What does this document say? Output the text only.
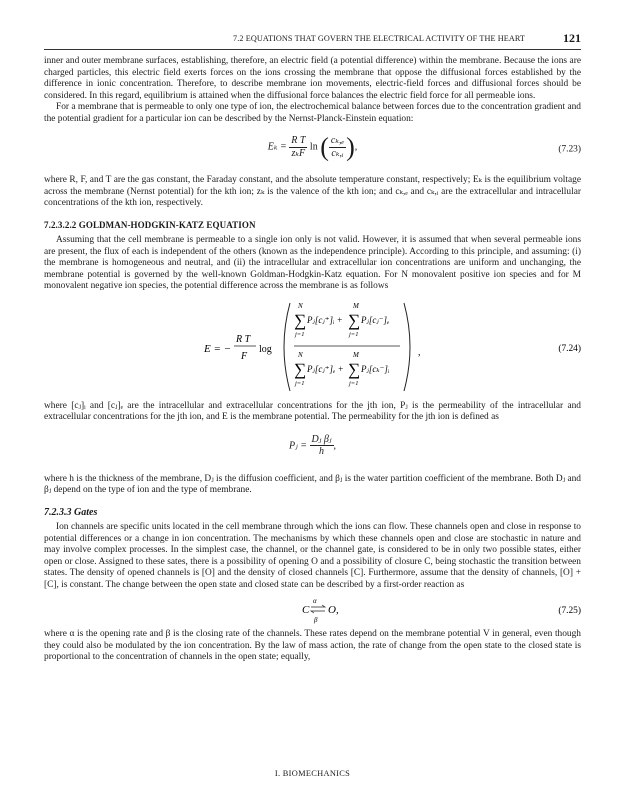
7.2 EQUATIONS THAT GOVERN THE ELECTRICAL ACTIVITY OF THE HEART	121

inner and outer membrane surfaces, establishing, therefore, an electric field (a potential difference) within the membrane. Because the ions are charged particles, this electric field exerts forces on the ions crossing the membrane that oppose the diffusional forces established by the difference in ionic concentration. Therefore, to describe membrane ion movements, electric-field forces and diffusional forces should be considered. In this regard, equilibrium is attained when the diffusional force balances the electric field force for all permeable ions.

For a membrane that is permeable to only one type of ion, the electrochemical balance between forces due to the concentration gradient and the potential gradient for a particular ion can be described by the Nernst-Planck-Einstein equation:

$E_k = \frac{\text{R T}}{\text{zₖF}}$ ln ( $\frac{\text{cₖ,ₑ}}{\text{cₖ,ᵢ}}$ ),	(7.23)

where R, F, and T are the gas constant, the Faraday constant, and the absolute temperature constant, respectively; Eₖ is the equilibrium voltage across the membrane (Nernst potential) for the kth ion; zₖ is the valence of the kth ion; and cₖ,ₑ and cₖ,ᵢ are the extracellular and intracellular concentrations of the kth ion, respectively.

7.2.3.2.2 GOLDMAN-HODGKIN-KATZ EQUATION

Assuming that the cell membrane is permeable to a single ion only is not valid. However, it is assumed that when several permeable ions are present, the flux of each is independent of the others (known as the independence principle). According to this principle, and assuming: (i) the membrane is homogeneous and neutral, and (ii) the intracellular and extracellular ion concentrations are uniform and unchanging, the membrane potential is governed by the well-known Goldman-Hodgkin-Katz equation. For N monovalent positive ion species and for M monovalent negative ion species, the potential difference across the membrane is as follows

E = −
R T
F
log
N
∑
j=1
Pⱼ[cⱼ⁺]ᵢ +
M
∑
j=1
Pⱼ[cⱼ⁻]ₑ
N
∑
j=1
Pⱼ[cⱼ⁺]ₑ +
M
∑
j=1
Pⱼ[cₖ⁻]ᵢ
,	(7.24)

where [cⱼ]ᵢ and [cⱼ]ₑ are the intracellular and extracellular concentrations for the jth ion, Pⱼ is the permeability of the intracellular and extracellular concentrations for the jth ion, and E is the membrane potential. The permeability for the jth ion is defined as

Pⱼ = $\frac{\text{Dⱼ βⱼ}}{h}$ ,

where h is the thickness of the membrane, Dⱼ is the diffusion coefficient, and βⱼ is the water partition coefficient of the membrane. Both Dⱼ and βⱼ depend on the type of ion and the type of membrane.

7.2.3.3 Gates

Ion channels are specific units located in the cell membrane through which the ions can flow. These channels open and close in response to potential differences or a change in ion concentration. The mechanisms by which these channels open and close are stochastic in nature and may involve complex processes. In the simplest case, the channel, or the channel gate, is considered to be in only two possible states, either open or close. Assigned to these sates, there is a possibility of opening O and a possibility of closure C, being stochastic the transition between states. The density of opened channels is [O] and the density of closed channels [C]. Furthermore, assume that the density of channels, [O] + [C], is constant. The change between the open state and closed state can be described by a first-order reaction as

C
α
β
O,	(7.25)

where α is the opening rate and β is the closing rate of the channels. These rates depend on the membrane potential V in general, even though they could also be modulated by the ion concentration. By the law of mass action, the rate of change from the open state to the closed state is proportional to the concentration of channels in the open state; equally,

I. BIOMECHANICS
